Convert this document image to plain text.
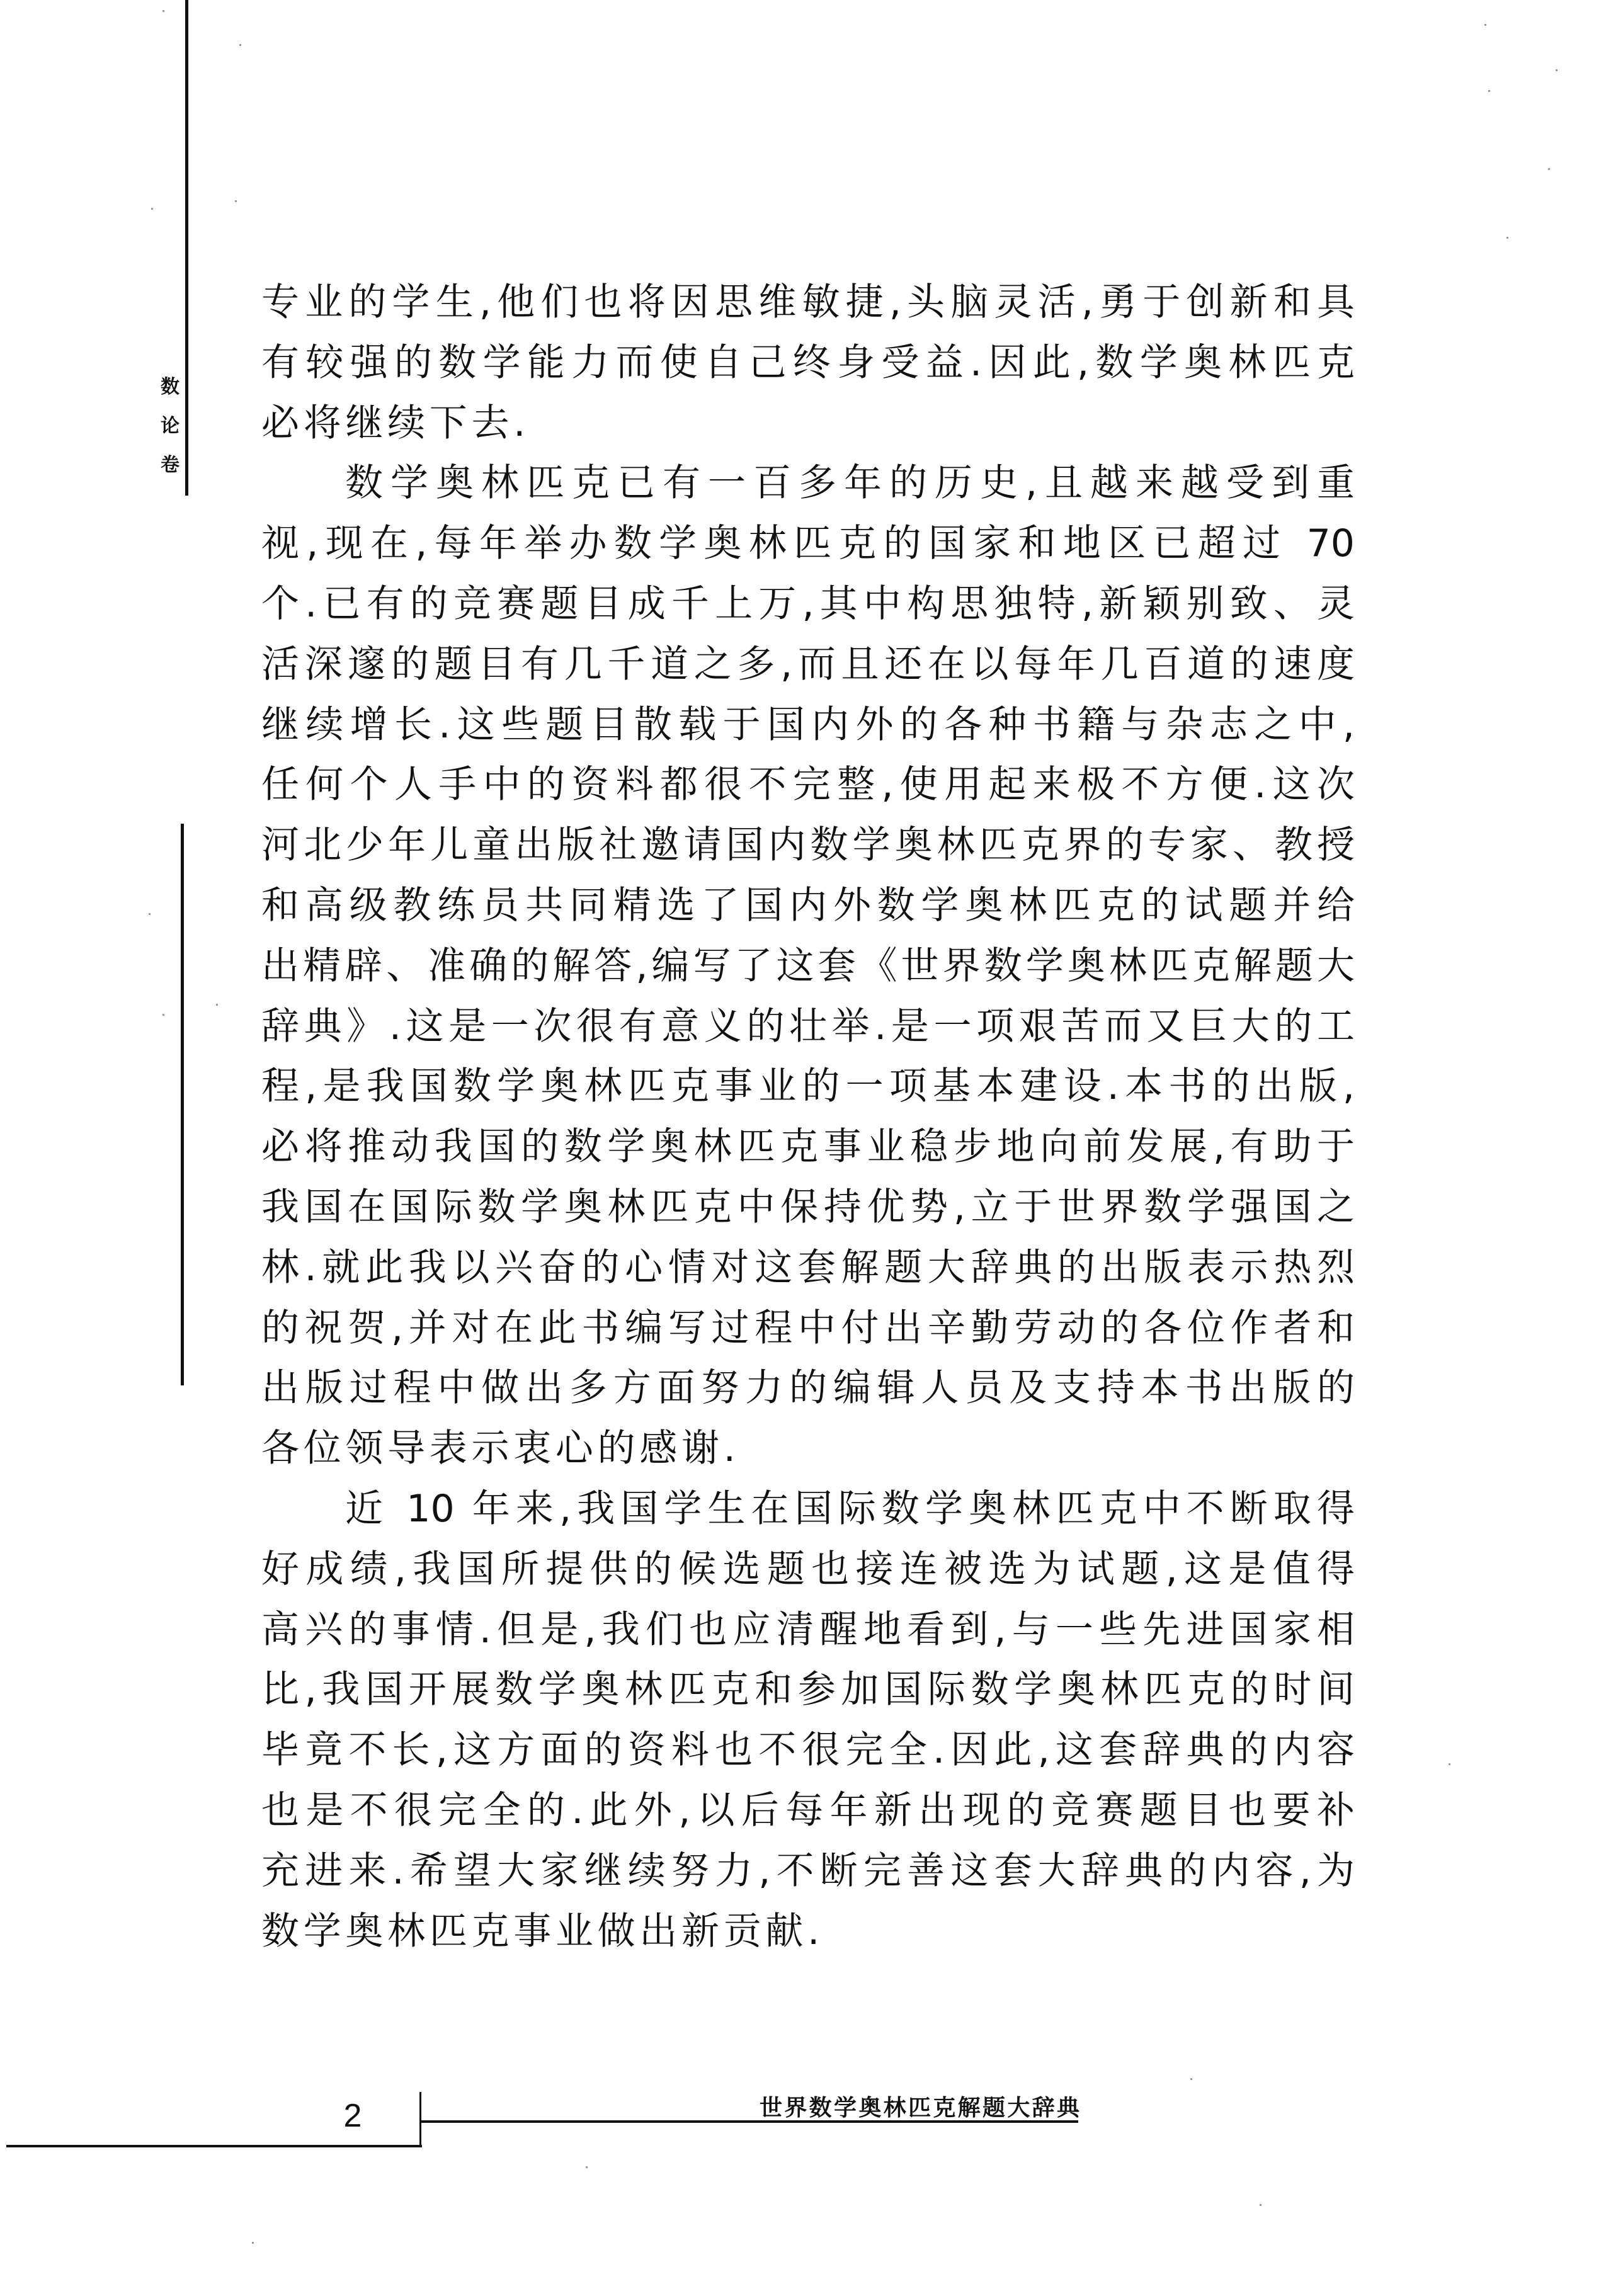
数
论
卷
专业的学生,他们也将因思维敏捷,头脑灵活,勇于创新和具
有较强的数学能力而使自己终身受益.因此,数学奥林匹克
必将继续下去.
数学奥林匹克已有一百多年的历史,且越来越受到重
视,现在,每年举办数学奥林匹克的国家和地区已超过 70
个.已有的竞赛题目成千上万,其中构思独特,新颖别致、灵
活深邃的题目有几千道之多,而且还在以每年几百道的速度
继续增长.这些题目散载于国内外的各种书籍与杂志之中,
任何个人手中的资料都很不完整,使用起来极不方便.这次
河北少年儿童出版社邀请国内数学奥林匹克界的专家、教授
和高级教练员共同精选了国内外数学奥林匹克的试题并给
出精辟、准确的解答,编写了这套《世界数学奥林匹克解题大
辞典》.这是一次很有意义的壮举.是一项艰苦而又巨大的工
程,是我国数学奥林匹克事业的一项基本建设.本书的出版,
必将推动我国的数学奥林匹克事业稳步地向前发展,有助于
我国在国际数学奥林匹克中保持优势,立于世界数学强国之
林.就此我以兴奋的心情对这套解题大辞典的出版表示热烈
的祝贺,并对在此书编写过程中付出辛勤劳动的各位作者和
出版过程中做出多方面努力的编辑人员及支持本书出版的
各位领导表示衷心的感谢.
近 10 年来,我国学生在国际数学奥林匹克中不断取得
好成绩,我国所提供的候选题也接连被选为试题,这是值得
高兴的事情.但是,我们也应清醒地看到,与一些先进国家相
比,我国开展数学奥林匹克和参加国际数学奥林匹克的时间
毕竟不长,这方面的资料也不很完全.因此,这套辞典的内容
也是不很完全的.此外,以后每年新出现的竞赛题目也要补
充进来.希望大家继续努力,不断完善这套大辞典的内容,为
数学奥林匹克事业做出新贡献.
2	世界数学奥林匹克解题大辞典
